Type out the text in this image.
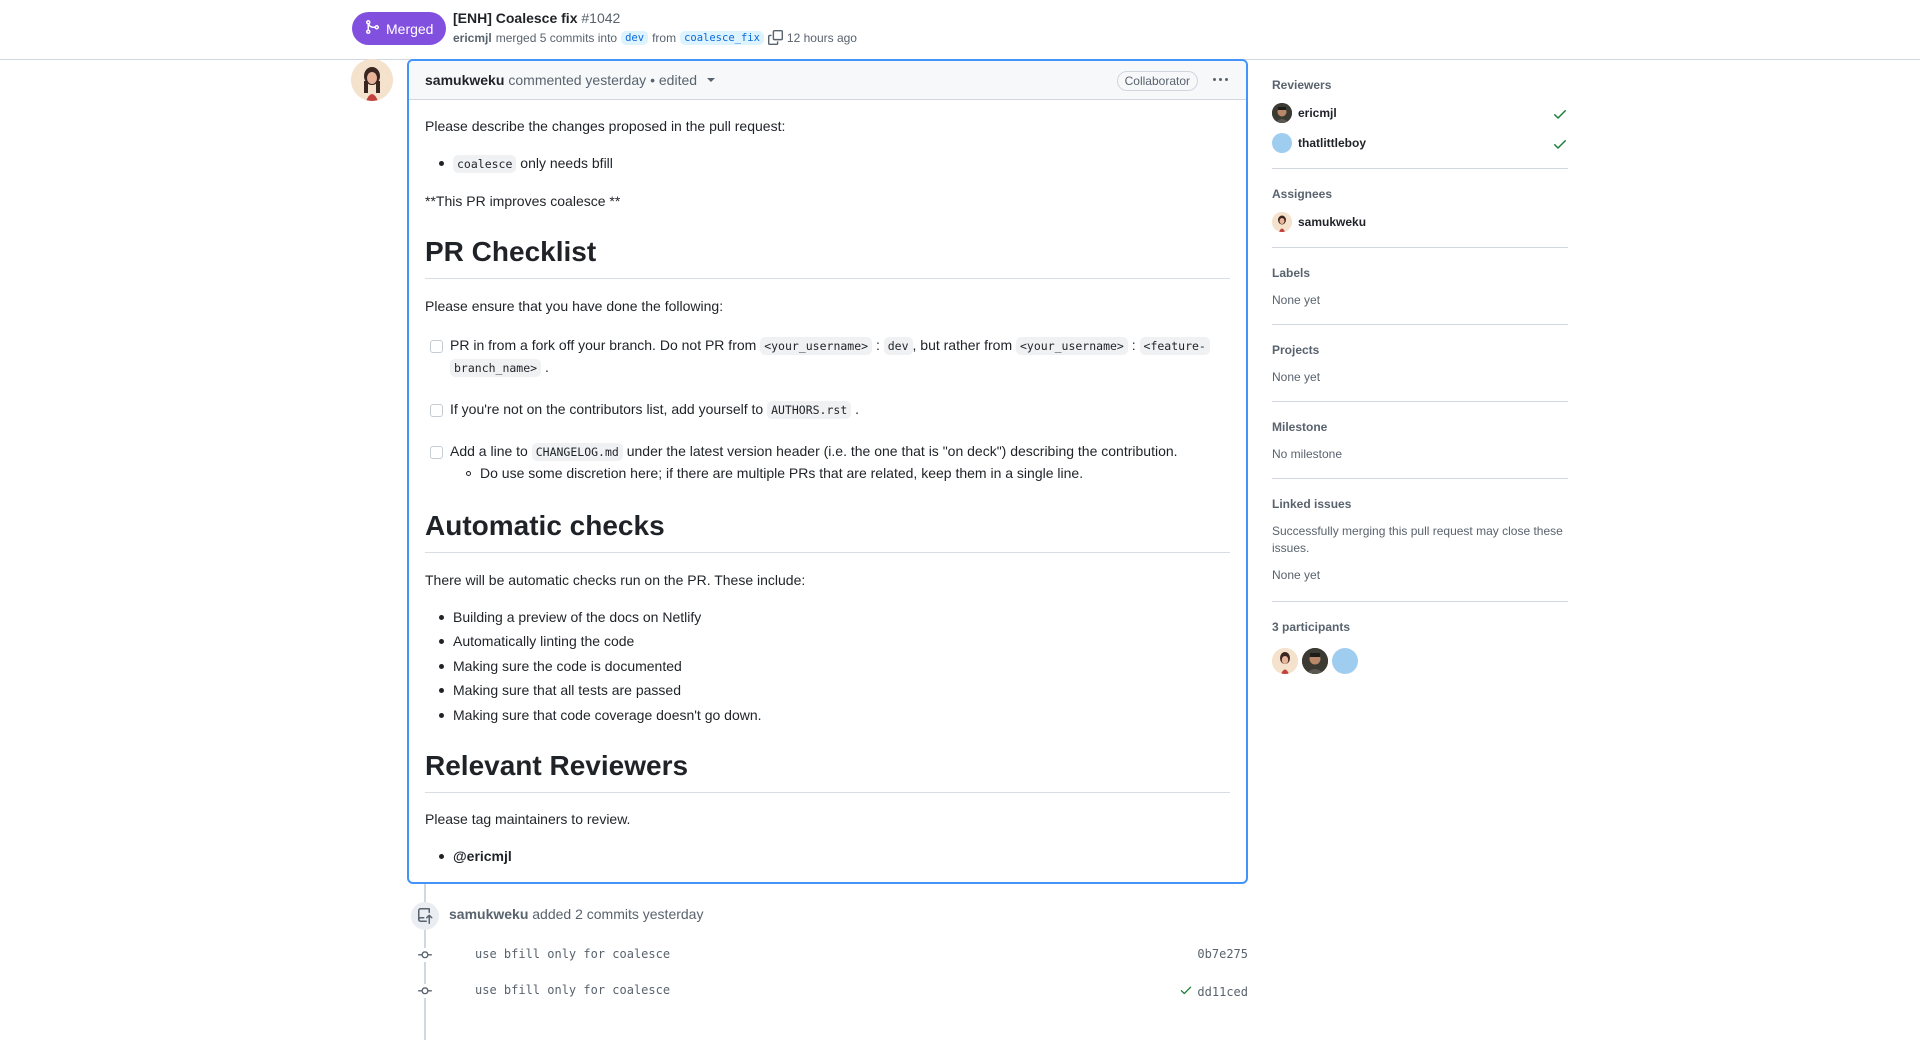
Merged
[ENH] Coalesce fix #1042
ericmjl merged 5 commits into dev from coalesce_fix	12 hours ago
samukweku commented yesterday • edited	Collaborator
Please describe the changes proposed in the pull request:
coalesce only needs bfill
**This PR improves coalesce **
PR Checklist
Please ensure that you have done the following:
PR in from a fork off your branch. Do not PR from <your_username> : dev , but rather from <your_username> : <feature-
branch_name> .
If you're not on the contributors list, add yourself to AUTHORS.rst .
Add a line to CHANGELOG.md under the latest version header (i.e. the one that is "on deck") describing the contribution.
Do use some discretion here; if there are multiple PRs that are related, keep them in a single line.
Automatic checks
There will be automatic checks run on the PR. These include:
Building a preview of the docs on Netlify
Automatically linting the code
Making sure the code is documented
Making sure that all tests are passed
Making sure that code coverage doesn't go down.
Relevant Reviewers
Please tag maintainers to review.
@ericmjl
samukweku added 2 commits yesterday
use bfill only for coalesce	0b7e275
use bfill only for coalesce	dd11ced
Reviewers
ericmjl
thatlittleboy
Assignees
samukweku
Labels
None yet
Projects
None yet
Milestone
No milestone
Linked issues
Successfully merging this pull request may close these issues.
None yet
3 participants
